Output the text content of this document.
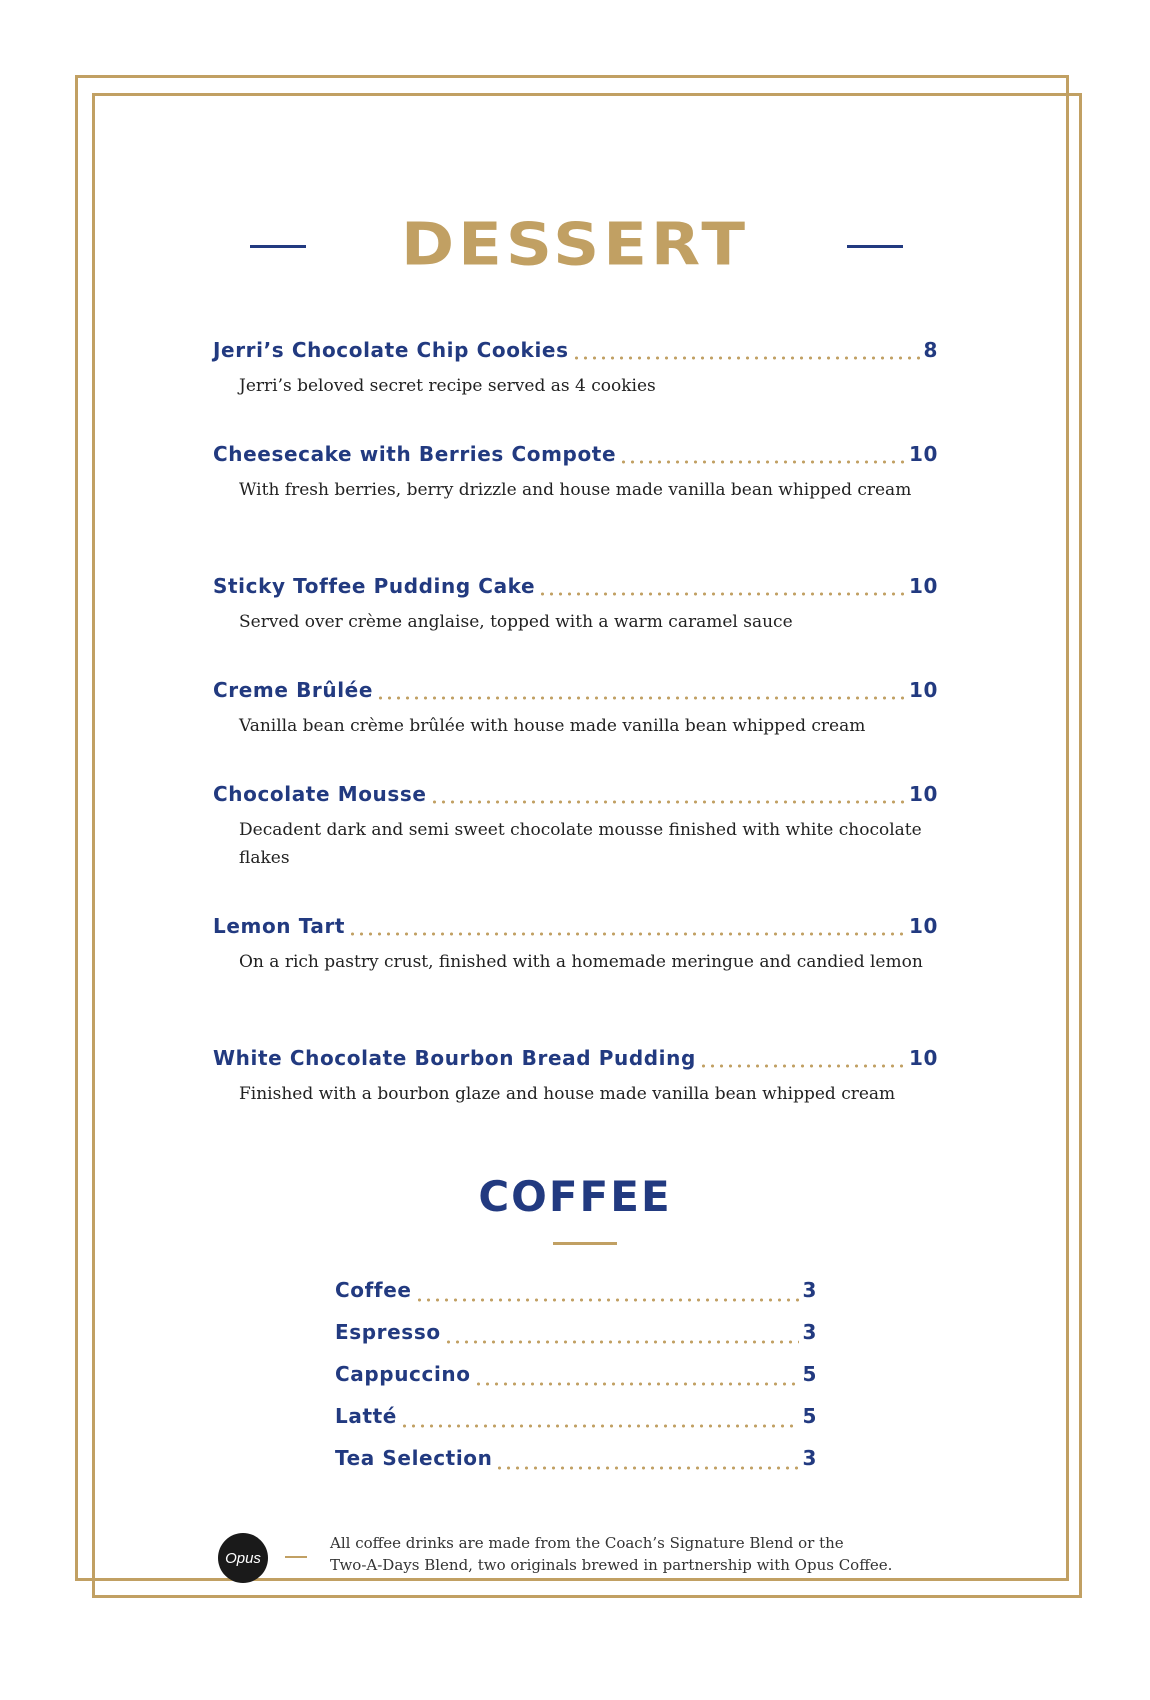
DESSERT
Jerri’s Chocolate Chip Cookies	8
Jerri’s beloved secret recipe served as 4 cookies
Cheesecake with Berries Compote	10
With fresh berries, berry drizzle and house made vanilla bean whipped cream
Sticky Toffee Pudding Cake	10
Served over crème anglaise, topped with a warm caramel sauce
Creme Brûlée	10
Vanilla bean crème brûlée with house made vanilla bean whipped cream
Chocolate Mousse	10
Decadent dark and semi sweet chocolate mousse finished with white chocolate flakes
Lemon Tart	10
On a rich pastry crust, finished with a homemade meringue and candied lemon
White Chocolate Bourbon Bread Pudding	10
Finished with a bourbon glaze and house made vanilla bean whipped cream
COFFEE
Coffee	3
Espresso	3
Cappuccino	5
Latté	5
Tea Selection	3
Opus
All coffee drinks are made from the Coach’s Signature Blend or the
Two-A-Days Blend, two originals brewed in partnership with Opus Coffee.
